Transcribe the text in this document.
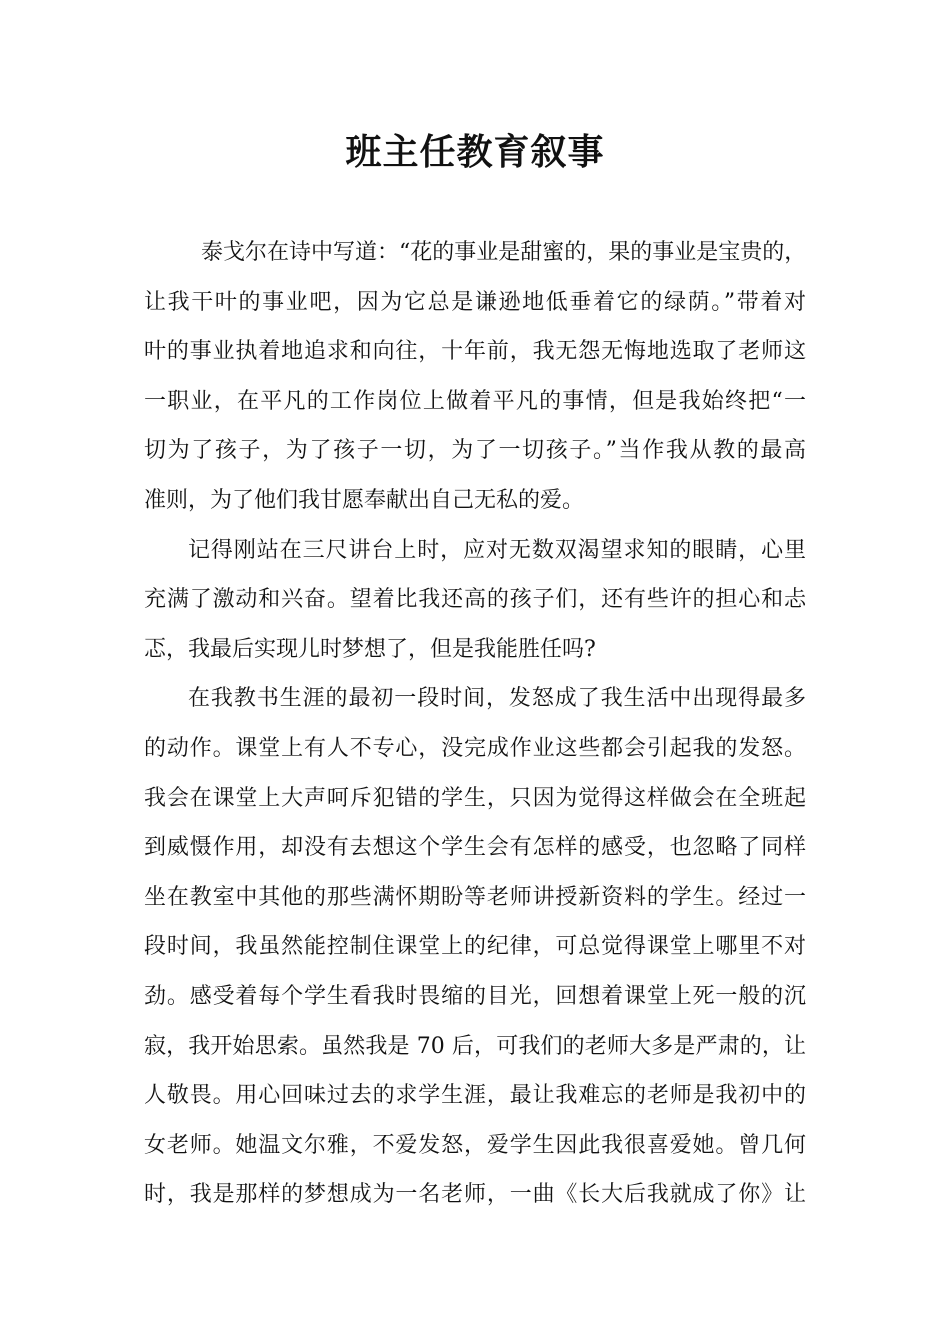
班主任教育叙事
泰戈尔在诗中写道：“花的事业是甜蜜的，果的事业是宝贵的，
让我干叶的事业吧，因为它总是谦逊地低垂着它的绿荫。”带着对
叶的事业执着地追求和向往，十年前，我无怨无悔地选取了老师这
一职业，在平凡的工作岗位上做着平凡的事情，但是我始终把“一
切为了孩子，为了孩子一切，为了一切孩子。”当作我从教的最高
准则，为了他们我甘愿奉献出自己无私的爱。
记得刚站在三尺讲台上时，应对无数双渴望求知的眼睛，心里
充满了激动和兴奋。望着比我还高的孩子们，还有些许的担心和忐
忑，我最后实现儿时梦想了，但是我能胜任吗?
在我教书生涯的最初一段时间，发怒成了我生活中出现得最多
的动作。课堂上有人不专心，没完成作业这些都会引起我的发怒。
我会在课堂上大声呵斥犯错的学生，只因为觉得这样做会在全班起
到威慑作用，却没有去想这个学生会有怎样的感受，也忽略了同样
坐在教室中其他的那些满怀期盼等老师讲授新资料的学生。经过一
段时间，我虽然能控制住课堂上的纪律，可总觉得课堂上哪里不对
劲。感受着每个学生看我时畏缩的目光，回想着课堂上死一般的沉
寂，我开始思索。虽然我是 70 后，可我们的老师大多是严肃的，让
人敬畏。用心回味过去的求学生涯，最让我难忘的老师是我初中的
女老师。她温文尔雅，不爱发怒，爱学生因此我很喜爱她。曾几何
时，我是那样的梦想成为一名老师，一曲《长大后我就成了你》让
